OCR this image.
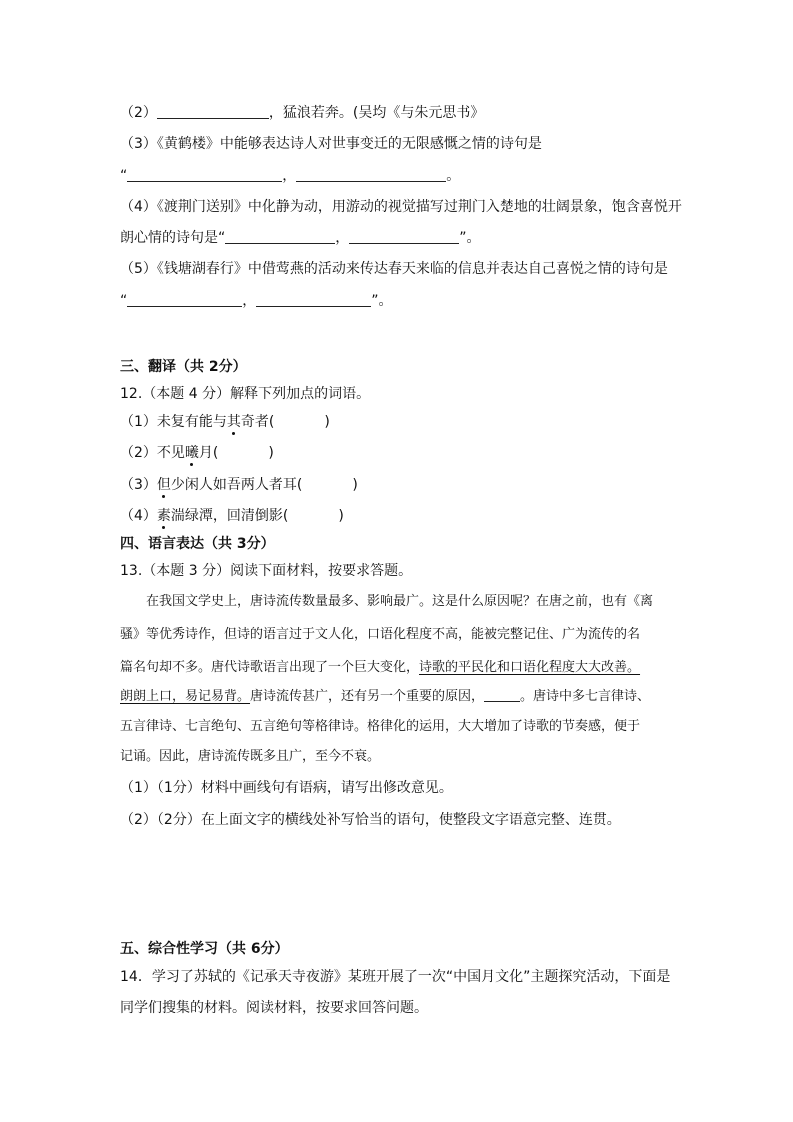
（2）	，猛浪若奔。(吴均《与朱元思书》
（3）《黄鹤楼》中能够表达诗人对世事变迁的无限感慨之情的诗句是
“	，	。
（4）《渡荆门送别》中化静为动，用游动的视觉描写过荆门入楚地的壮阔景象，饱含喜悦开
朗心情的诗句是“	，	”。
（5）《钱塘湖春行》中借莺燕的活动来传达春天来临的信息并表达自己喜悦之情的诗句是
“	，	”。
三、翻译（共 2分）
12.（本题 4 分）解释下列加点的词语。
（1）未复有能与其奇者(	)
（2）不见曦月(	)
（3）但少闲人如吾两人者耳(	)
（4）素湍绿潭，回清倒影(	)
四、语言表达（共 3分）
13.（本题 3 分）阅读下面材料，按要求答题。
在我国文学史上，唐诗流传数量最多、影响最广。这是什么原因呢？在唐之前，也有《离
骚》等优秀诗作，但诗的语言过于文人化，口语化程度不高，能被完整记住、广为流传的名
篇名句却不多。唐代诗歌语言出现了一个巨大变化，诗歌的平民化和口语化程度大大改善。
朗朗上口，易记易背。唐诗流传甚广，还有另一个重要的原因，	。唐诗中多七言律诗、
五言律诗、七言绝句、五言绝句等格律诗。格律化的运用，大大增加了诗歌的节奏感，便于
记诵。因此，唐诗流传既多且广，至今不衰。
（1）（1分）材料中画线句有语病，请写出修改意见。
（2）（2分）在上面文字的横线处补写恰当的语句，使整段文字语意完整、连贯。
五、综合性学习（共 6分）
14．学习了苏轼的《记承天寺夜游》某班开展了一次“中国月文化”主题探究活动，下面是
同学们搜集的材料。阅读材料，按要求回答问题。
